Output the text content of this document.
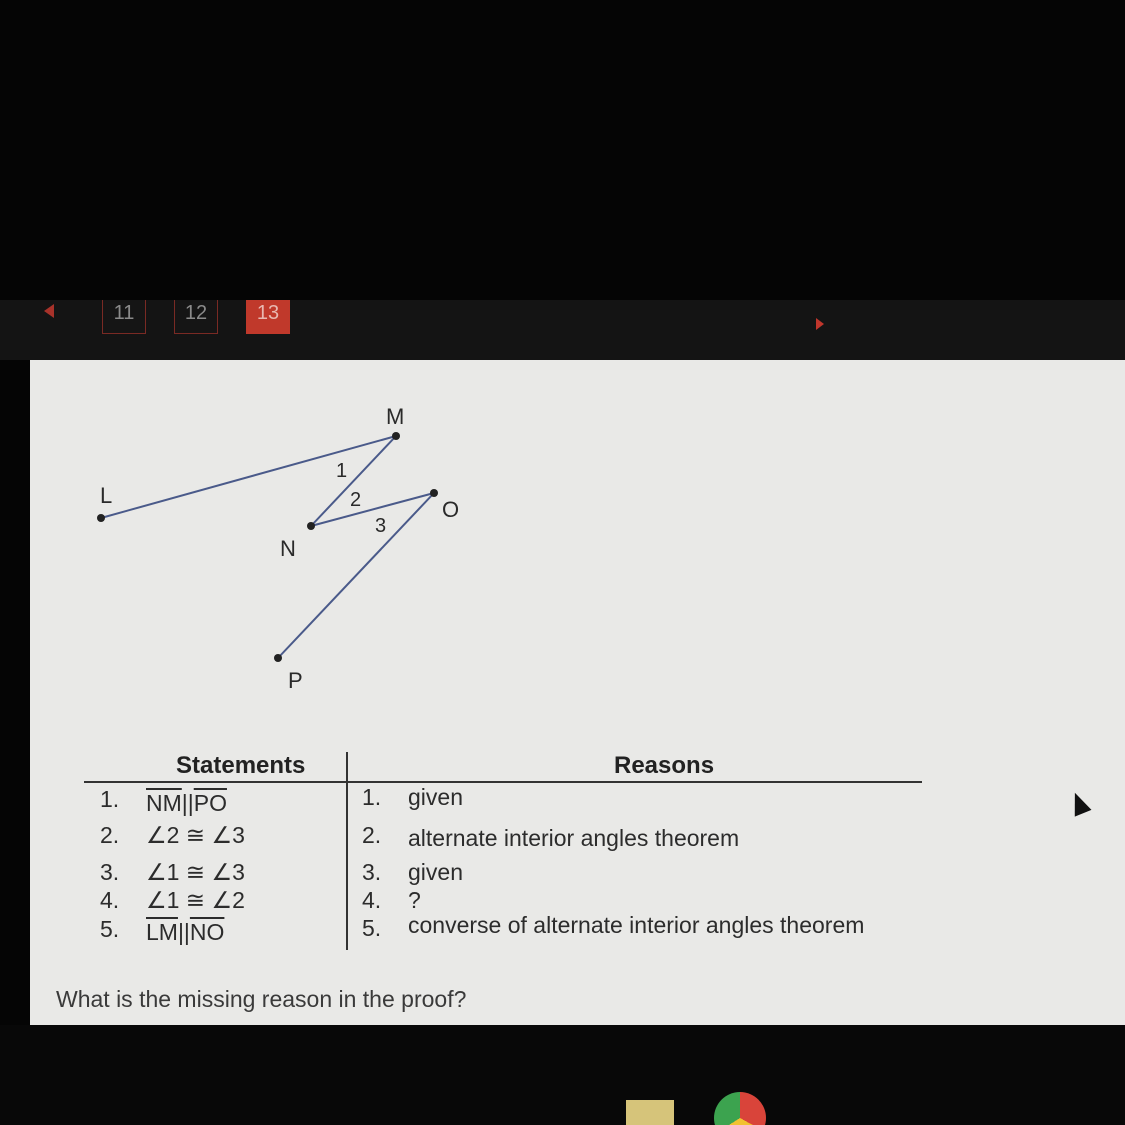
11	12	13
M
L
O
N
P
1
2
3
Statements	Reasons
1. $\overline{NM}||\overline{PO}$	1. given
2. ∠2 ≅ ∠3	2. alternate interior angles theorem
3. ∠1 ≅ ∠3	3. given
4. ∠1 ≅ ∠2	4. ?
5. $\overline{LM}||\overline{NO}$	5. converse of alternate interior angles theorem
What is the missing reason in the proof?
